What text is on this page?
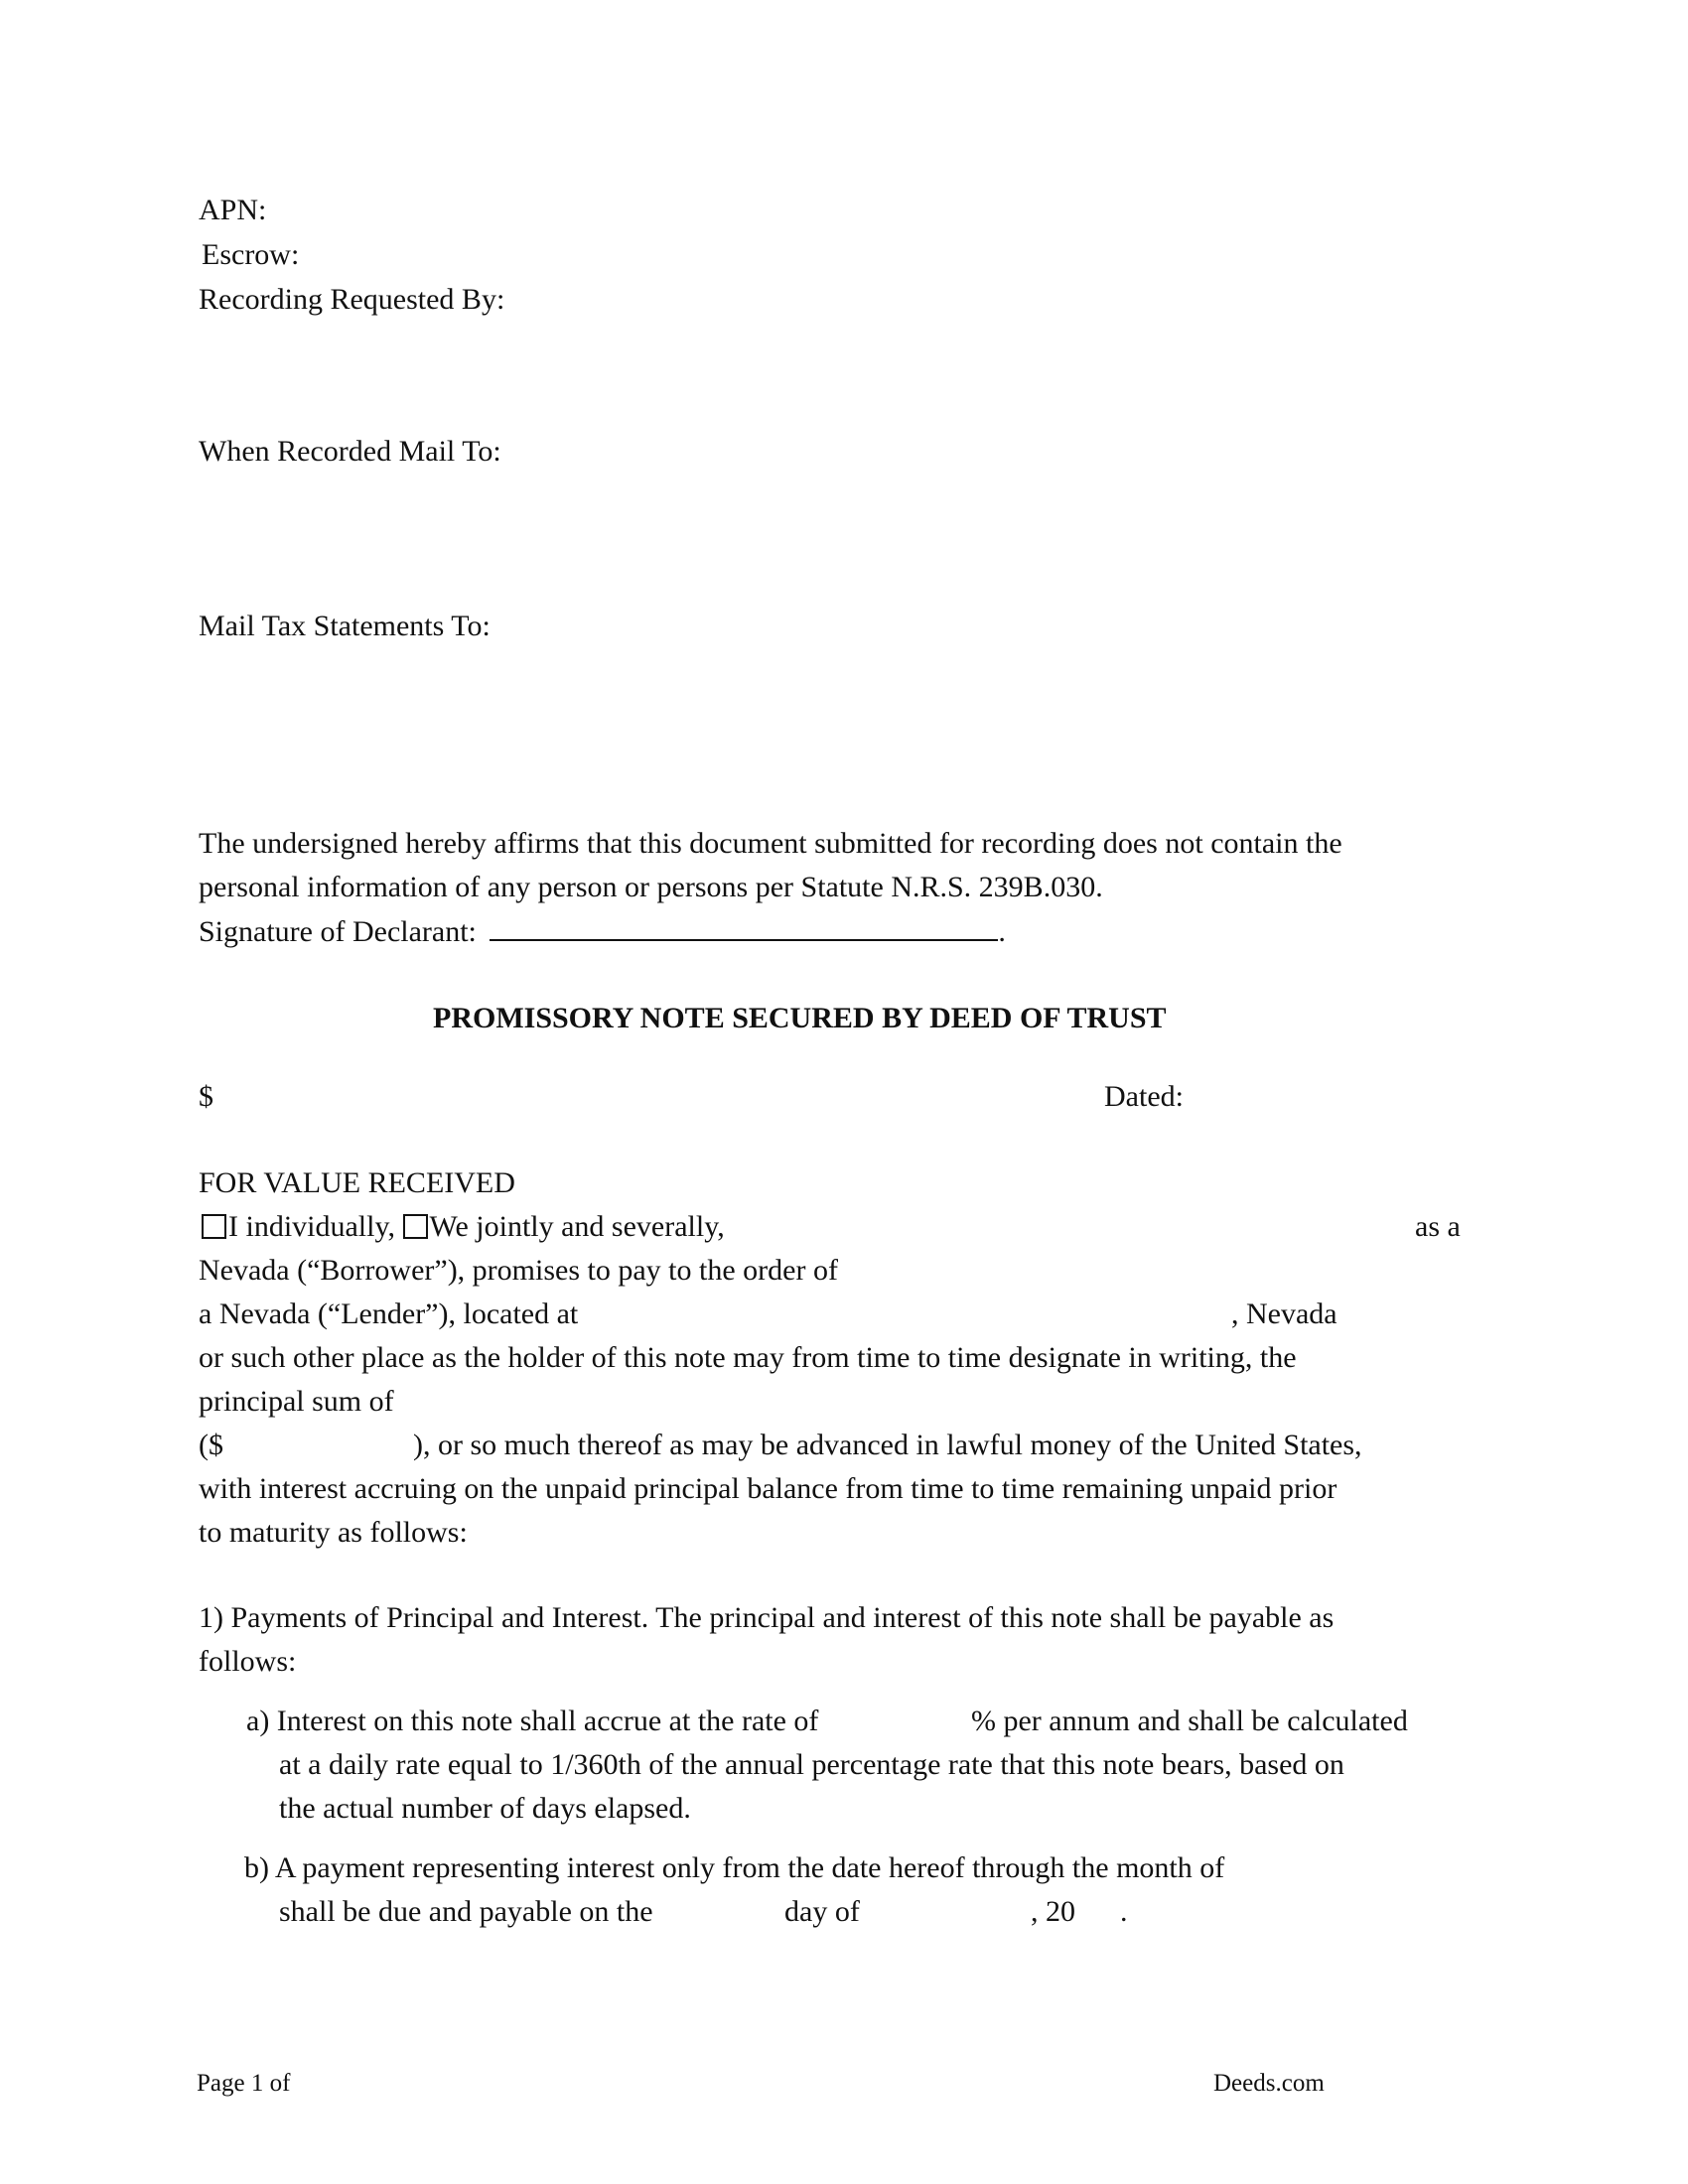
APN:
Escrow:
Recording Requested By:
When Recorded Mail To:
Mail Tax Statements To:
The undersigned hereby affirms that this document submitted for recording does not contain the
personal information of any person or persons per Statute N.R.S. 239B.030.
Signature of Declarant:	.
PROMISSORY NOTE SECURED BY DEED OF TRUST
$	Dated:
FOR VALUE RECEIVED
I individually, We jointly and severally,	as a
Nevada (“Borrower”), promises to pay to the order of
a Nevada (“Lender”), located at	, Nevada
or such other place as the holder of this note may from time to time designate in writing, the
principal sum of
($	), or so much thereof as may be advanced in lawful money of the United States,
with interest accruing on the unpaid principal balance from time to time remaining unpaid prior
to maturity as follows:
1) Payments of Principal and Interest. The principal and interest of this note shall be payable as
follows:
a) Interest on this note shall accrue at the rate of	% per annum and shall be calculated
at a daily rate equal to 1/360th of the annual percentage rate that this note bears, based on
the actual number of days elapsed.
b) A payment representing interest only from the date hereof through the month of
shall be due and payable on the	day of	, 20 .
Page 1 of	Deeds.com
